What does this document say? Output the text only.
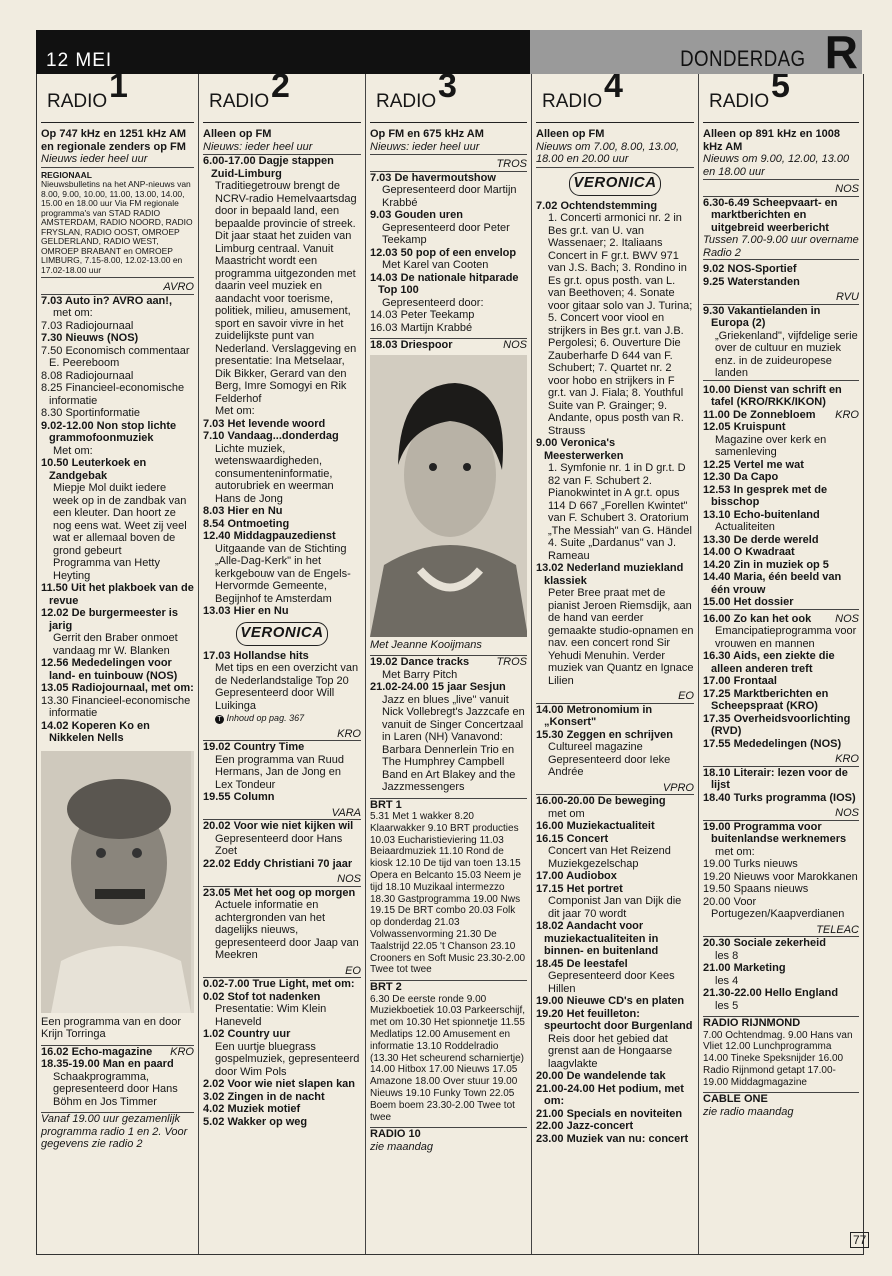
12 MEI	DONDERDAG R
RADIO 1
Op 747 kHz en 1251 kHz AM en regionale zenders op FM
Nieuws ieder heel uur
REGIONAAL
Nieuwsbulletins na het ANP-nieuws van 8.00, 9.00, 10.00, 11.00, 13.00, 14.00, 15.00 en 18.00 uur Via FM regionale programma's van STAD RADIO AMSTERDAM, RADIO NOORD, RADIO FRYSLAN, RADIO OOST, OMROEP GELDERLAND, RADIO WEST, OMROEP BRABANT en OMROEP LIMBURG, 7.15-8.00, 12.02-13.00 en 17.02-18.00 uur
AVRO
7.03 Auto in? AVRO aan!,
met om:
7.03 Radiojournaal
7.30 Nieuws (NOS)
7.50 Economisch commentaar E. Peereboom
8.08 Radiojournaal
8.25 Financieel-economische informatie
8.30 Sportinformatie
9.02-12.00 Non stop lichte grammofoonmuziek
Met om:
10.50 Leuterkoek en Zandgebak
Miepje Mol duikt iedere week op in de zandbak van een kleuter. Dan hoort ze nog eens wat. Weet zij veel wat er allemaal boven de grond gebeurt
Programma van Hetty Heyting
11.50 Uit het plakboek van de revue
12.02 De burgermeester is jarig
Gerrit den Braber onmoet vandaag mr W. Blanken
12.56 Mededelingen voor land- en tuinbouw (NOS)
13.05 Radiojournaal, met om:
13.30 Financieel-economische informatie
14.02 Koperen Ko en Nikkelen Nells
Een programma van en door Krijn Torringa
KRO
16.02 Echo-magazine
18.35-19.00 Man en paard
Schaakprogramma, gepresenteerd door Hans Böhm en Jos Timmer
Vanaf 19.00 uur gezamenlijk programma radio 1 en 2. Voor gegevens zie radio 2
RADIO 2
Alleen op FM
Nieuws: ieder heel uur
6.00-17.00 Dagje stappen Zuid-Limburg
Traditiegetrouw brengt de NCRV-radio Hemelvaartsdag door in bepaald land, een bepaalde provincie of streek. Dit jaar staat het zuiden van Limburg centraal. Vanuit Maastricht wordt een programma uitgezonden met daarin veel muziek en aandacht voor toerisme, politiek, milieu, amusement, sport en savoir vivre in het zuidelijkste punt van Nederland. Verslaggeving en presentatie: Ina Metselaar, Dik Bikker, Gerard van den Berg, Imre Somogyi en Rik Felderhof
Met om:
7.03 Het levende woord
7.10 Vandaag...donderdag
Lichte muziek, wetenswaardigheden, consumenteninformatie, autorubriek en weerman Hans de Jong
8.03 Hier en Nu
8.54 Ontmoeting
12.40 Middagpauzedienst
Uitgaande van de Stichting „Alle-Dag-Kerk" in het kerkgebouw van de Engels-Hervormde Gemeente, Begijnhof te Amsterdam
13.03 Hier en Nu
VERONICA
17.03 Hollandse hits
Met tips en een overzicht van de Nederlandstalige Top 20
Gepresenteerd door Will Luikinga
T Inhoud op pag. 367
KRO
19.02 Country Time
Een programma van Ruud Hermans, Jan de Jong en Lex Tondeur
19.55 Column
VARA
20.02 Voor wie niet kijken wil
Gepresenteerd door Hans Zoet
22.02 Eddy Christiani 70 jaar
NOS
23.05 Met het oog op morgen
Actuele informatie en achtergronden van het dagelijks nieuws, gepresenteerd door Jaap van Meekren
EO
0.02-7.00 True Light, met om:
0.02 Stof tot nadenken
Presentatie: Wim Klein Haneveld
1.02 Country uur
Een uurtje bluegrass gospelmuziek, gepresenteerd door Wim Pols
2.02 Voor wie niet slapen kan
3.02 Zingen in de nacht
4.02 Muziek motief
5.02 Wakker op weg
RADIO 3
Op FM en 675 kHz AM
Nieuws: ieder heel uur
TROS
7.03 De havermoutshow
Gepresenteerd door Martijn Krabbé
9.03 Gouden uren
Gepresenteerd door Peter Teekamp
12.03 50 pop of een envelop
Met Karel van Cooten
14.03 De nationale hitparade Top 100
Gepresenteerd door:
14.03 Peter Teekamp
16.03 Martijn Krabbé
18.03 Driespoor	NOS
Met Jeanne Kooijmans
TROS
19.02 Dance tracks
Met Barry Pitch
21.02-24.00 15 jaar Sesjun
Jazz en blues „live" vanuit Nick Vollebregt's Jazzcafe en vanuit de Singer Concertzaal in Laren (NH) Vanavond: Barbara Dennerlein Trio en The Humphrey Campbell Band en Art Blakey and the Jazzmessengers
BRT 1
5.31 Met 1 wakker 8.20 Klaarwakker 9.10 BRT producties 10.03 Eucharistieviering 11.03 Beiaardmuziek 11.10 Rond de kiosk 12.10 De tijd van toen 13.15 Opera en Belcanto 15.03 Neem je tijd 18.10 Muzikaal intermezzo 18.30 Gastprogramma 19.00 Nws 19.15 De BRT combo 20.03 Folk op donderdag 21.03 Volwassenvorming 21.30 De Taalstrijd 22.05 't Chanson 23.10 Crooners en Soft Music 23.30-2.00 Twee tot twee
BRT 2
6.30 De eerste ronde 9.00 Muziekboetiek 10.03 Parkeerschijf, met om 10.30 Het spionnetje 11.55 Medlatips 12.00 Amusement en informatie 13.10 Roddelradio (13.30 Het scheurend scharniertje) 14.00 Hitbox 17.00 Nieuws 17.05 Amazone 18.00 Over stuur 19.00 Nieuws 19.10 Funky Town 22.05 Boem boem 23.30-2.00 Twee tot twee
RADIO 10
zie maandag
RADIO 4
Alleen op FM
Nieuws om 7.00, 8.00, 13.00, 18.00 en 20.00 uur
VERONICA
7.02 Ochtendstemming
1. Concerti armonici nr. 2 in Bes gr.t. van U. van Wassenaer; 2. Italiaans Concert in F gr.t. BWV 971 van J.S. Bach; 3. Rondino in Es gr.t. opus posth. van L. van Beethoven; 4. Sonate voor gitaar solo van J. Turina; 5. Concert voor viool en strijkers in Bes gr.t. van J.B. Pergolesi; 6. Ouverture Die Zauberharfe D 644 van F. Schubert; 7. Quartet nr. 2 voor hobo en strijkers in F gr.t. van J. Fiala; 8. Youthful Suite van P. Grainger; 9. Andante, opus posth van R. Strauss
9.00 Veronica's Meesterwerken
1. Symfonie nr. 1 in D gr.t. D 82 van F. Schubert 2. Pianokwintet in A gr.t. opus 114 D 667 „Forellen Kwintet" van F. Schubert 3. Oratorium „The Messiah" van G. Händel 4. Suite „Dardanus" van J. Rameau
13.02 Nederland muziekland klassiek
Peter Bree praat met de pianist Jeroen Riemsdijk, aan de hand van eerder gemaakte studio-opnamen en nav. een concert rond Sir Yehudi Menuhin. Verder muziek van Quantz en Ignace Lilien
EO
14.00 Metronomium in „Konsert"
15.30 Zeggen en schrijven
Cultureel magazine Gepresenteerd door Ieke Andrée
VPRO
16.00-20.00 De beweging
met om
16.00 Muziekactualiteit
16.15 Concert
Concert van Het Reizend Muziekgezelschap
17.00 Audiobox
17.15 Het portret
Componist Jan van Dijk die dit jaar 70 wordt
18.02 Aandacht voor muziekactualiteiten in binnen- en buitenland
18.45 De leestafel
Gepresenteerd door Kees Hillen
19.00 Nieuwe CD's en platen
19.20 Het feuilleton: speurtocht door Burgenland
Reis door het gebied dat grenst aan de Hongaarse laagvlakte
20.00 De wandelende tak
21.00-24.00 Het podium, met om:
21.00 Specials en noviteiten
22.00 Jazz-concert
23.00 Muziek van nu: concert
RADIO 5
Alleen op 891 kHz en 1008 kHz AM
Nieuws om 9.00, 12.00, 13.00 en 18.00 uur
NOS
6.30-6.49 Scheepvaart- en marktberichten en uitgebreid weerbericht
Tussen 7.00-9.00 uur overname Radio 2
9.02 NOS-Sportief
9.25 Waterstanden
RVU
9.30 Vakantielanden in Europa (2)
„Griekenland", vijfdelige serie over de cultuur en muziek enz. in de zuideuropese landen
10.00 Dienst van schrift en tafel (KRO/RKK/IKON)
11.00 De Zonnebloem	KRO
12.05 Kruispunt
Magazine over kerk en samenleving
12.25 Vertel me wat
12.30 Da Capo
12.53 In gesprek met de bisschop
13.10 Echo-buitenland
Actualiteiten
13.30 De derde wereld
14.00 O Kwadraat
14.20 Zin in muziek op 5
14.40 Maria, één beeld van één vrouw
15.00 Het dossier
16.00 Zo kan het ook	NOS
Emancipatieprogramma voor vrouwen en mannen
16.30 Aids, een ziekte die alleen anderen treft
17.00 Frontaal
17.25 Marktberichten en Scheepspraat (KRO)
17.35 Overheidsvoorlichting (RVD)
17.55 Mededelingen (NOS)
KRO
18.10 Literair: lezen voor de lijst
18.40 Turks programma (IOS)
NOS
19.00 Programma voor buitenlandse werknemers
met om:
19.00 Turks nieuws
19.20 Nieuws voor Marokkanen
19.50 Spaans nieuws
20.00 Voor Portugezen/Kaapverdianen
TELEAC
20.30 Sociale zekerheid
les 8
21.00 Marketing
les 4
21.30-22.00 Hello England
les 5
RADIO RIJNMOND
7.00 Ochtendmag. 9.00 Hans van Vliet 12.00 Lunchprogramma 14.00 Tineke Speksnijder 16.00 Radio Rijnmond getapt 17.00-19.00 Middagmagazine
CABLE ONE
zie radio maandag
77
